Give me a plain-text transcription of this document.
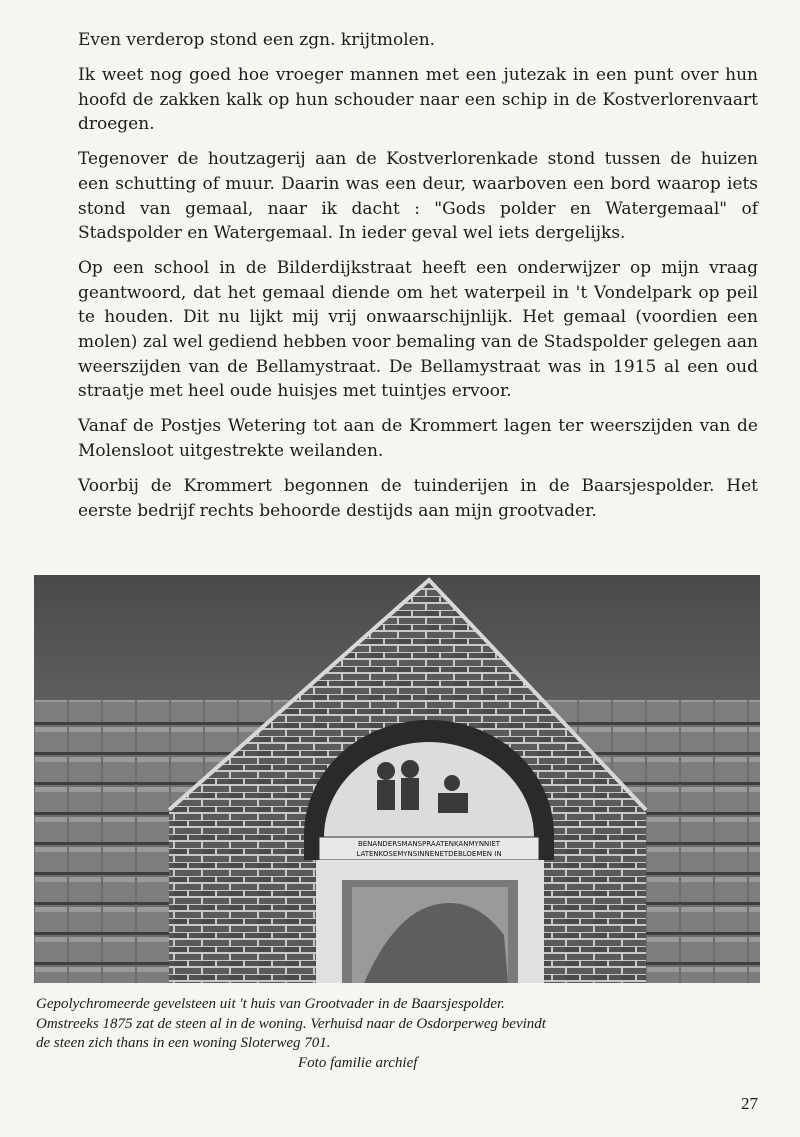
Even verderop stond een zgn. krijtmolen.

Ik weet nog goed hoe vroeger mannen met een jutezak in een punt over hun hoofd de zakken kalk op hun schouder naar een schip in de Kostverlorenvaart droegen.

Tegenover de houtzagerij aan de Kostverlorenkade stond tussen de huizen een schutting of muur. Daarin was een deur, waarboven een bord waarop iets stond van gemaal, naar ik dacht : "Gods polder en Watergemaal" of Stadspolder en Watergemaal. In ieder geval wel iets dergelijks.

Op een school in de Bilderdijkstraat heeft een onderwijzer op mijn vraag geantwoord, dat het gemaal diende om het waterpeil in 't Vondelpark op peil te houden. Dit nu lijkt mij vrij onwaarschijnlijk. Het gemaal (voordien een molen) zal wel gediend hebben voor bemaling van de Stadspolder gelegen aan weerszijden van de Bellamystraat. De Bellamystraat was in 1915 al een oud straatje met heel oude huisjes met tuintjes ervoor.

Vanaf de Postjes Wetering tot aan de Krommert lagen ter weerszijden van de Molensloot uitgestrekte weilanden.

Voorbij de Krommert begonnen de tuinderijen in de Baarsjespolder. Het eerste bedrijf rechts behoorde destijds aan mijn grootvader.

BENANDERSMANSPRAATENKANMYNNIET
LATENKOSEMYNSINNENETDEBLOEMEN IN
Gepolychromeerde gevelsteen uit 't huis van Grootvader in de Baarsjespolder. Omstreeks 1875 zat de steen al in de woning. Verhuisd naar de Osdorperweg bevindt de steen zich thans in een woning Sloterweg 701.
Foto familie archief
27
